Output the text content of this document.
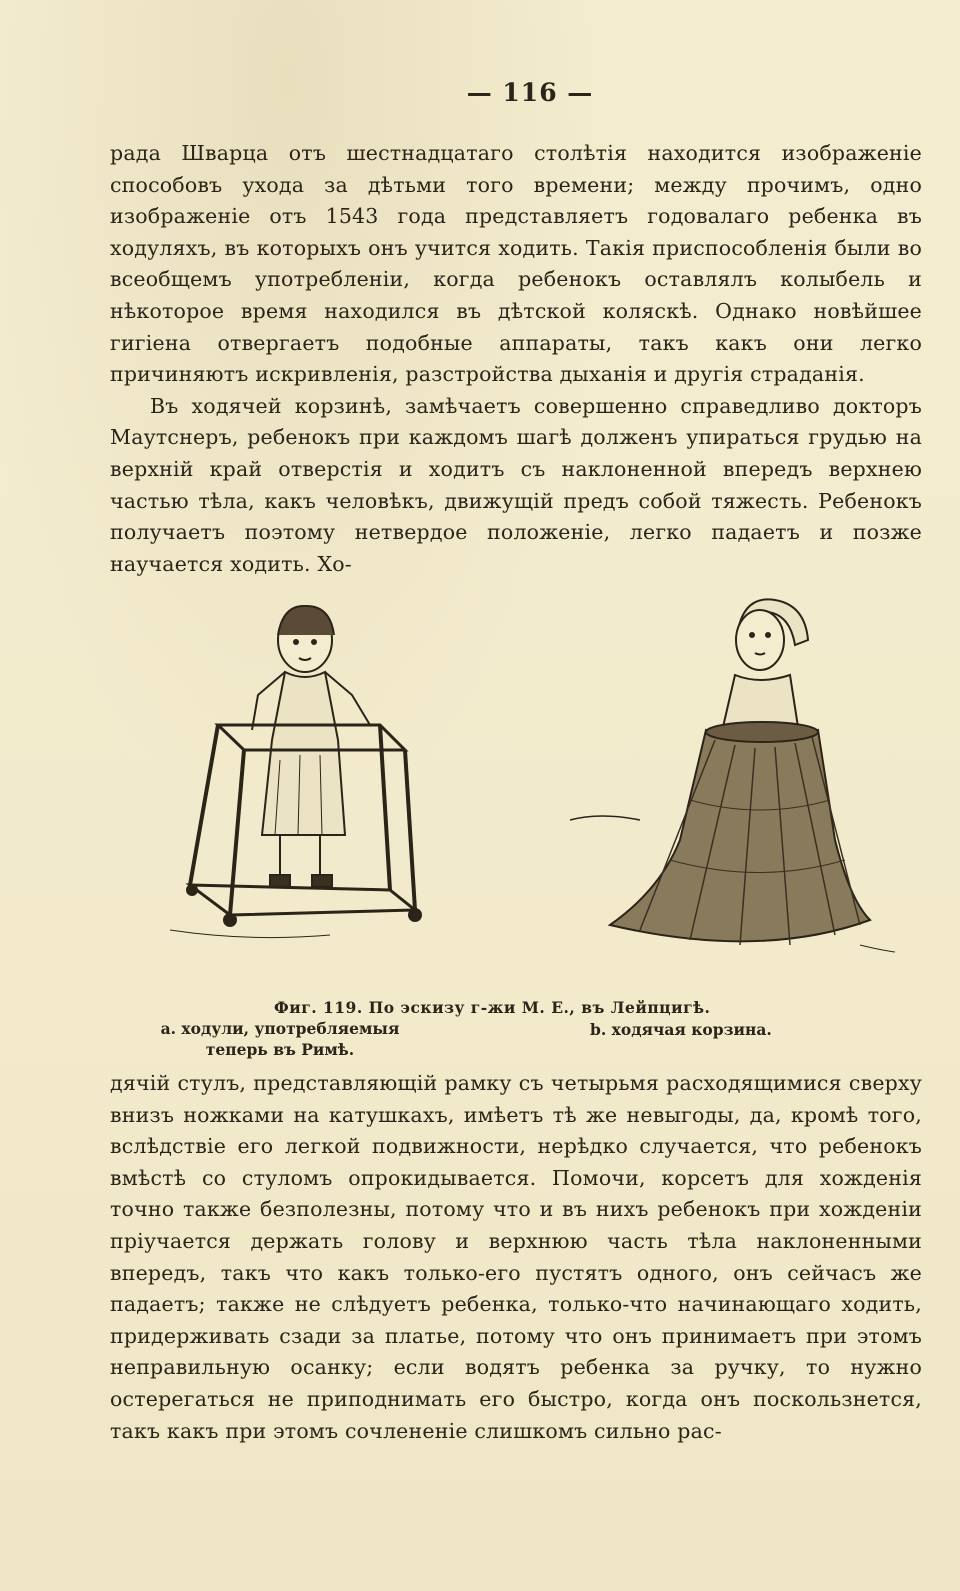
— 116 —

рада Шварца отъ шестнадцатаго столѣтія находится изображеніе способовъ ухода за дѣтьми того времени; между прочимъ, одно изображеніе отъ 1543 года представляетъ годовалаго ребенка въ ходуляхъ, въ которыхъ онъ учится ходить. Такія приспособленія были во всеобщемъ употребленіи, когда ребенокъ оставлялъ колыбель и нѣкоторое время находился въ дѣтской коляскѣ. Однако новѣйшее гигіена отвергаетъ подобные аппараты, такъ какъ они легко причиняютъ искривленія, разстройства дыханія и другія страданія.

Въ ходячей корзинѣ, замѣчаетъ совершенно справедливо докторъ Маутснеръ, ребенокъ при каждомъ шагѣ долженъ упираться грудью на верхній край отверстія и ходитъ съ наклоненной впередъ верхнею частью тѣла, какъ человѣкъ, движущій предъ собой тяжесть. Ребенокъ получаетъ поэтому нетвердое положеніе, легко падаетъ и позже научается ходить. Хо-

Фиг. 119. По эскизу г-жи М. Е., въ Лейпцигѣ.
а. ходули, употребляемыя теперь въ Римѣ.
b. ходячая корзина.

дячій стулъ, представляющій рамку съ четырьмя расходящимися сверху внизъ ножками на катушкахъ, имѣетъ тѣ же невыгоды, да, кромѣ того, вслѣдствіе его легкой подвижности, нерѣдко случается, что ребенокъ вмѣстѣ со стуломъ опрокидывается. Помочи, корсетъ для хожденія точно также безполезны, потому что и въ нихъ ребенокъ при хожденіи пріучается держать голову и верхнюю часть тѣла наклоненными впередъ, такъ что какъ только-его пустятъ одного, онъ сейчасъ же падаетъ; также не слѣдуетъ ребенка, только-что начинающаго ходить, придерживать сзади за платье, потому что онъ принимаетъ при этомъ неправильную осанку; если водятъ ребенка за ручку, то нужно остерегаться не приподнимать его быстро, когда онъ поскользнется, такъ какъ при этомъ сочлененіе слишкомъ сильно рас-
